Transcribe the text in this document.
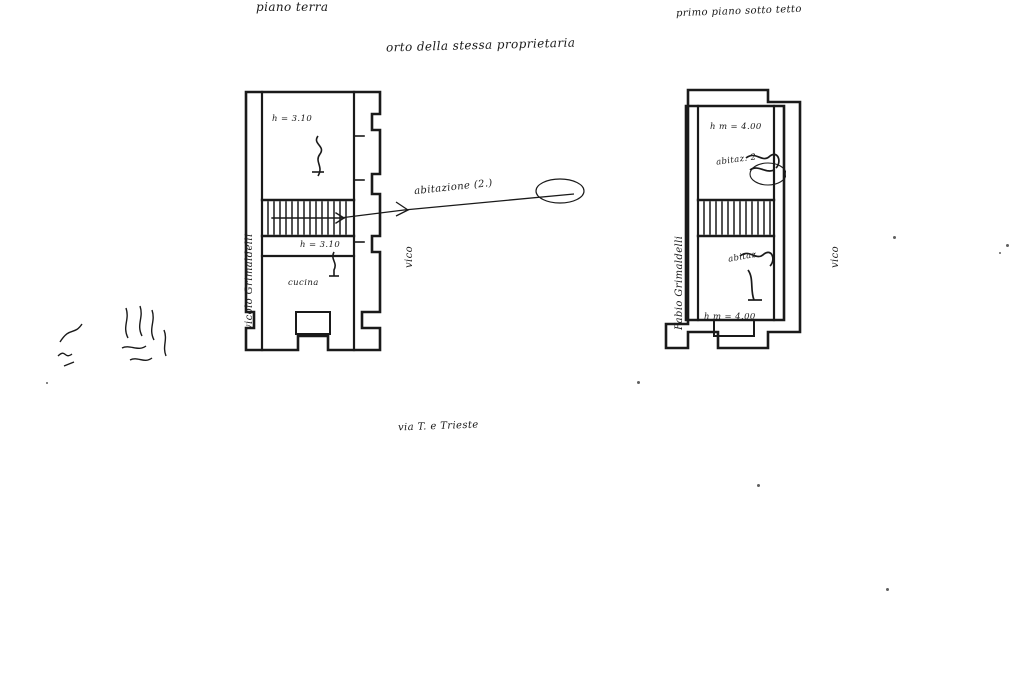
piano terra	primo piano sotto tetto
orto della stessa proprietaria
h = 3.10
h = 3.10
cucina
vicolo Grimaldelli	vico
abitazione (2.)
h m = 4.00
abitaz. 2
abitaz.
h m = 4.00
Fabio Grimaldelli	vico
via T. e Trieste
